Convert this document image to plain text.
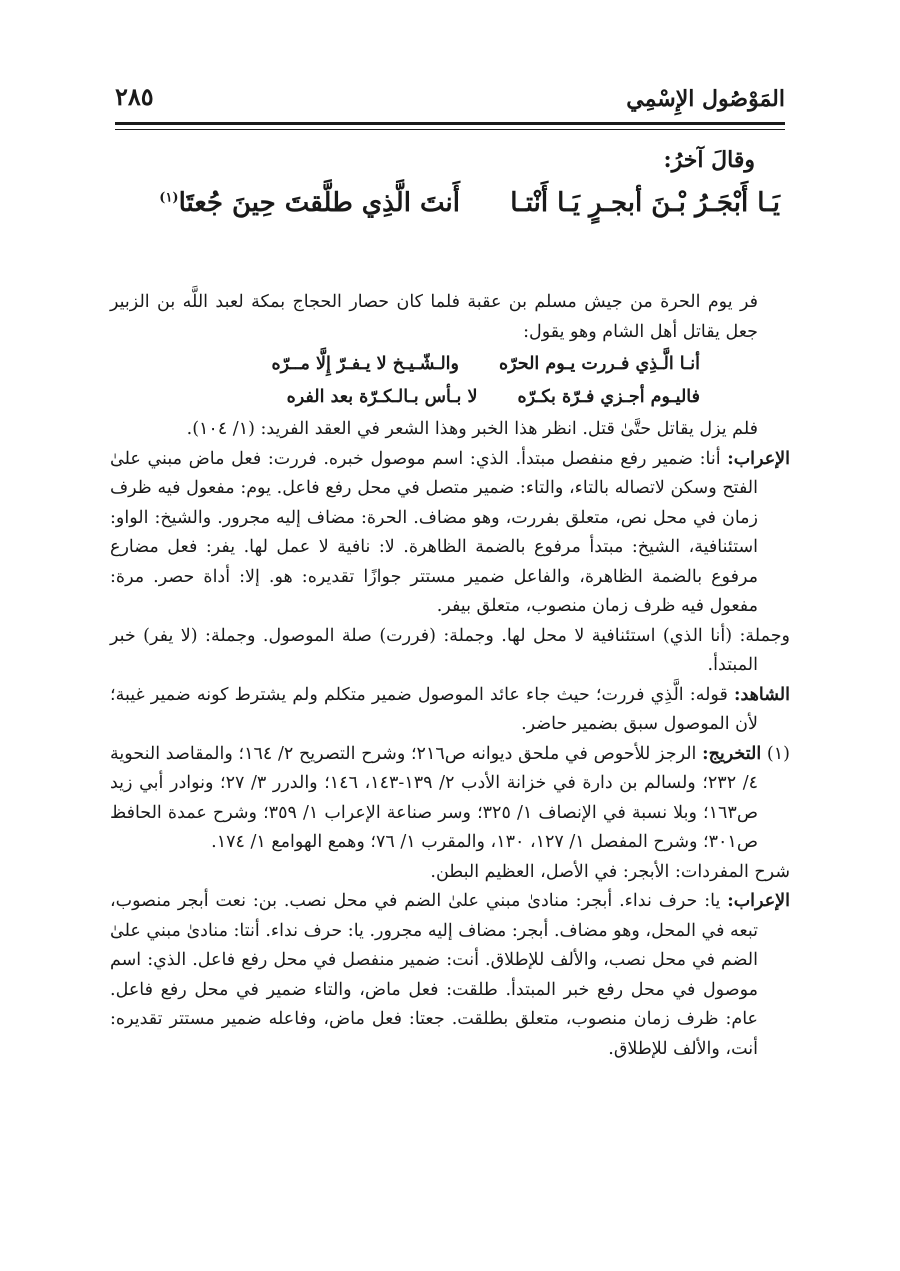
المَوْصُول الإِسْمِي
٢٨٥
وقالَ آخرُ:
يَـا أَبْجَـرُ بْـنَ أبجـرٍ يَـا أَنْتـا
أَنتَ الَّذِي طلَّقتَ حِينَ جُعتَا$^{(١)}$

فر يوم الحرة من جيش مسلم بن عقبة فلما كان حصار الحجاج بمكة لعبد اللَّه بن الزبير جعل يقاتل أهل الشام وهو يقول:

أنـا الَّـذِي فـررت يـوم الحرّه
والـشّـيـخ لا يـفـرّ إِلَّا مــرّه
فاليـوم أجـزي فـرّة بكـرّه
لا بـأس بـالـكـرّة بعد الفره

فلم يزل يقاتل حتَّىٰ قتل. انظر هذا الخبر وهذا الشعر في العقد الفريد: (١/ ١٠٤).

الإعراب: أنا: ضمير رفع منفصل مبتدأ. الذي: اسم موصول خبره. فررت: فعل ماض مبني علىٰ الفتح وسكن لاتصاله بالتاء، والتاء: ضمير متصل في محل رفع فاعل. يوم: مفعول فيه ظرف زمان في محل نص، متعلق بفررت، وهو مضاف. الحرة: مضاف إليه مجرور. والشيخ: الواو: استئنافية، الشيخ: مبتدأ مرفوع بالضمة الظاهرة. لا: نافية لا عمل لها. يفر: فعل مضارع مرفوع بالضمة الظاهرة، والفاعل ضمير مستتر جوازًا تقديره: هو. إلا: أداة حصر. مرة: مفعول فيه ظرف زمان منصوب، متعلق بيفر.

وجملة: (أنا الذي) استئنافية لا محل لها. وجملة: (فررت) صلة الموصول. وجملة: (لا يفر) خبر المبتدأ.

الشاهد: قوله: الَّذِي فررت؛ حيث جاء عائد الموصول ضمير متكلم ولم يشترط كونه ضمير غيبة؛ لأن الموصول سبق بضمير حاضر.

(١) التخريج: الرجز للأحوص في ملحق ديوانه ص٢١٦؛ وشرح التصريح ٢/ ١٦٤؛ والمقاصد النحوية ٤/ ٢٣٢؛ ولسالم بن دارة في خزانة الأدب ٢/ ١٣٩-١٤٣، ١٤٦؛ والدرر ٣/ ٢٧؛ ونوادر أبي زيد ص١٦٣؛ وبلا نسبة في الإنصاف ١/ ٣٢٥؛ وسر صناعة الإعراب ١/ ٣٥٩؛ وشرح عمدة الحافظ ص٣٠١؛ وشرح المفصل ١/ ١٢٧، ١٣٠، والمقرب ١/ ٧٦؛ وهمع الهوامع ١/ ١٧٤.

شرح المفردات: الأبجر: في الأصل، العظيم البطن.

الإعراب: يا: حرف نداء. أبجر: منادىٰ مبني علىٰ الضم في محل نصب. بن: نعت أبجر منصوب، تبعه في المحل، وهو مضاف. أبجر: مضاف إليه مجرور. يا: حرف نداء. أنتا: منادىٰ مبني علىٰ الضم في محل نصب، والألف للإطلاق. أنت: ضمير منفصل في محل رفع فاعل. الذي: اسم موصول في محل رفع خبر المبتدأ. طلقت: فعل ماض، والتاء ضمير في محل رفع فاعل. عام: ظرف زمان منصوب، متعلق بطلقت. جعتا: فعل ماض، وفاعله ضمير مستتر تقديره: أنت، والألف للإطلاق.
